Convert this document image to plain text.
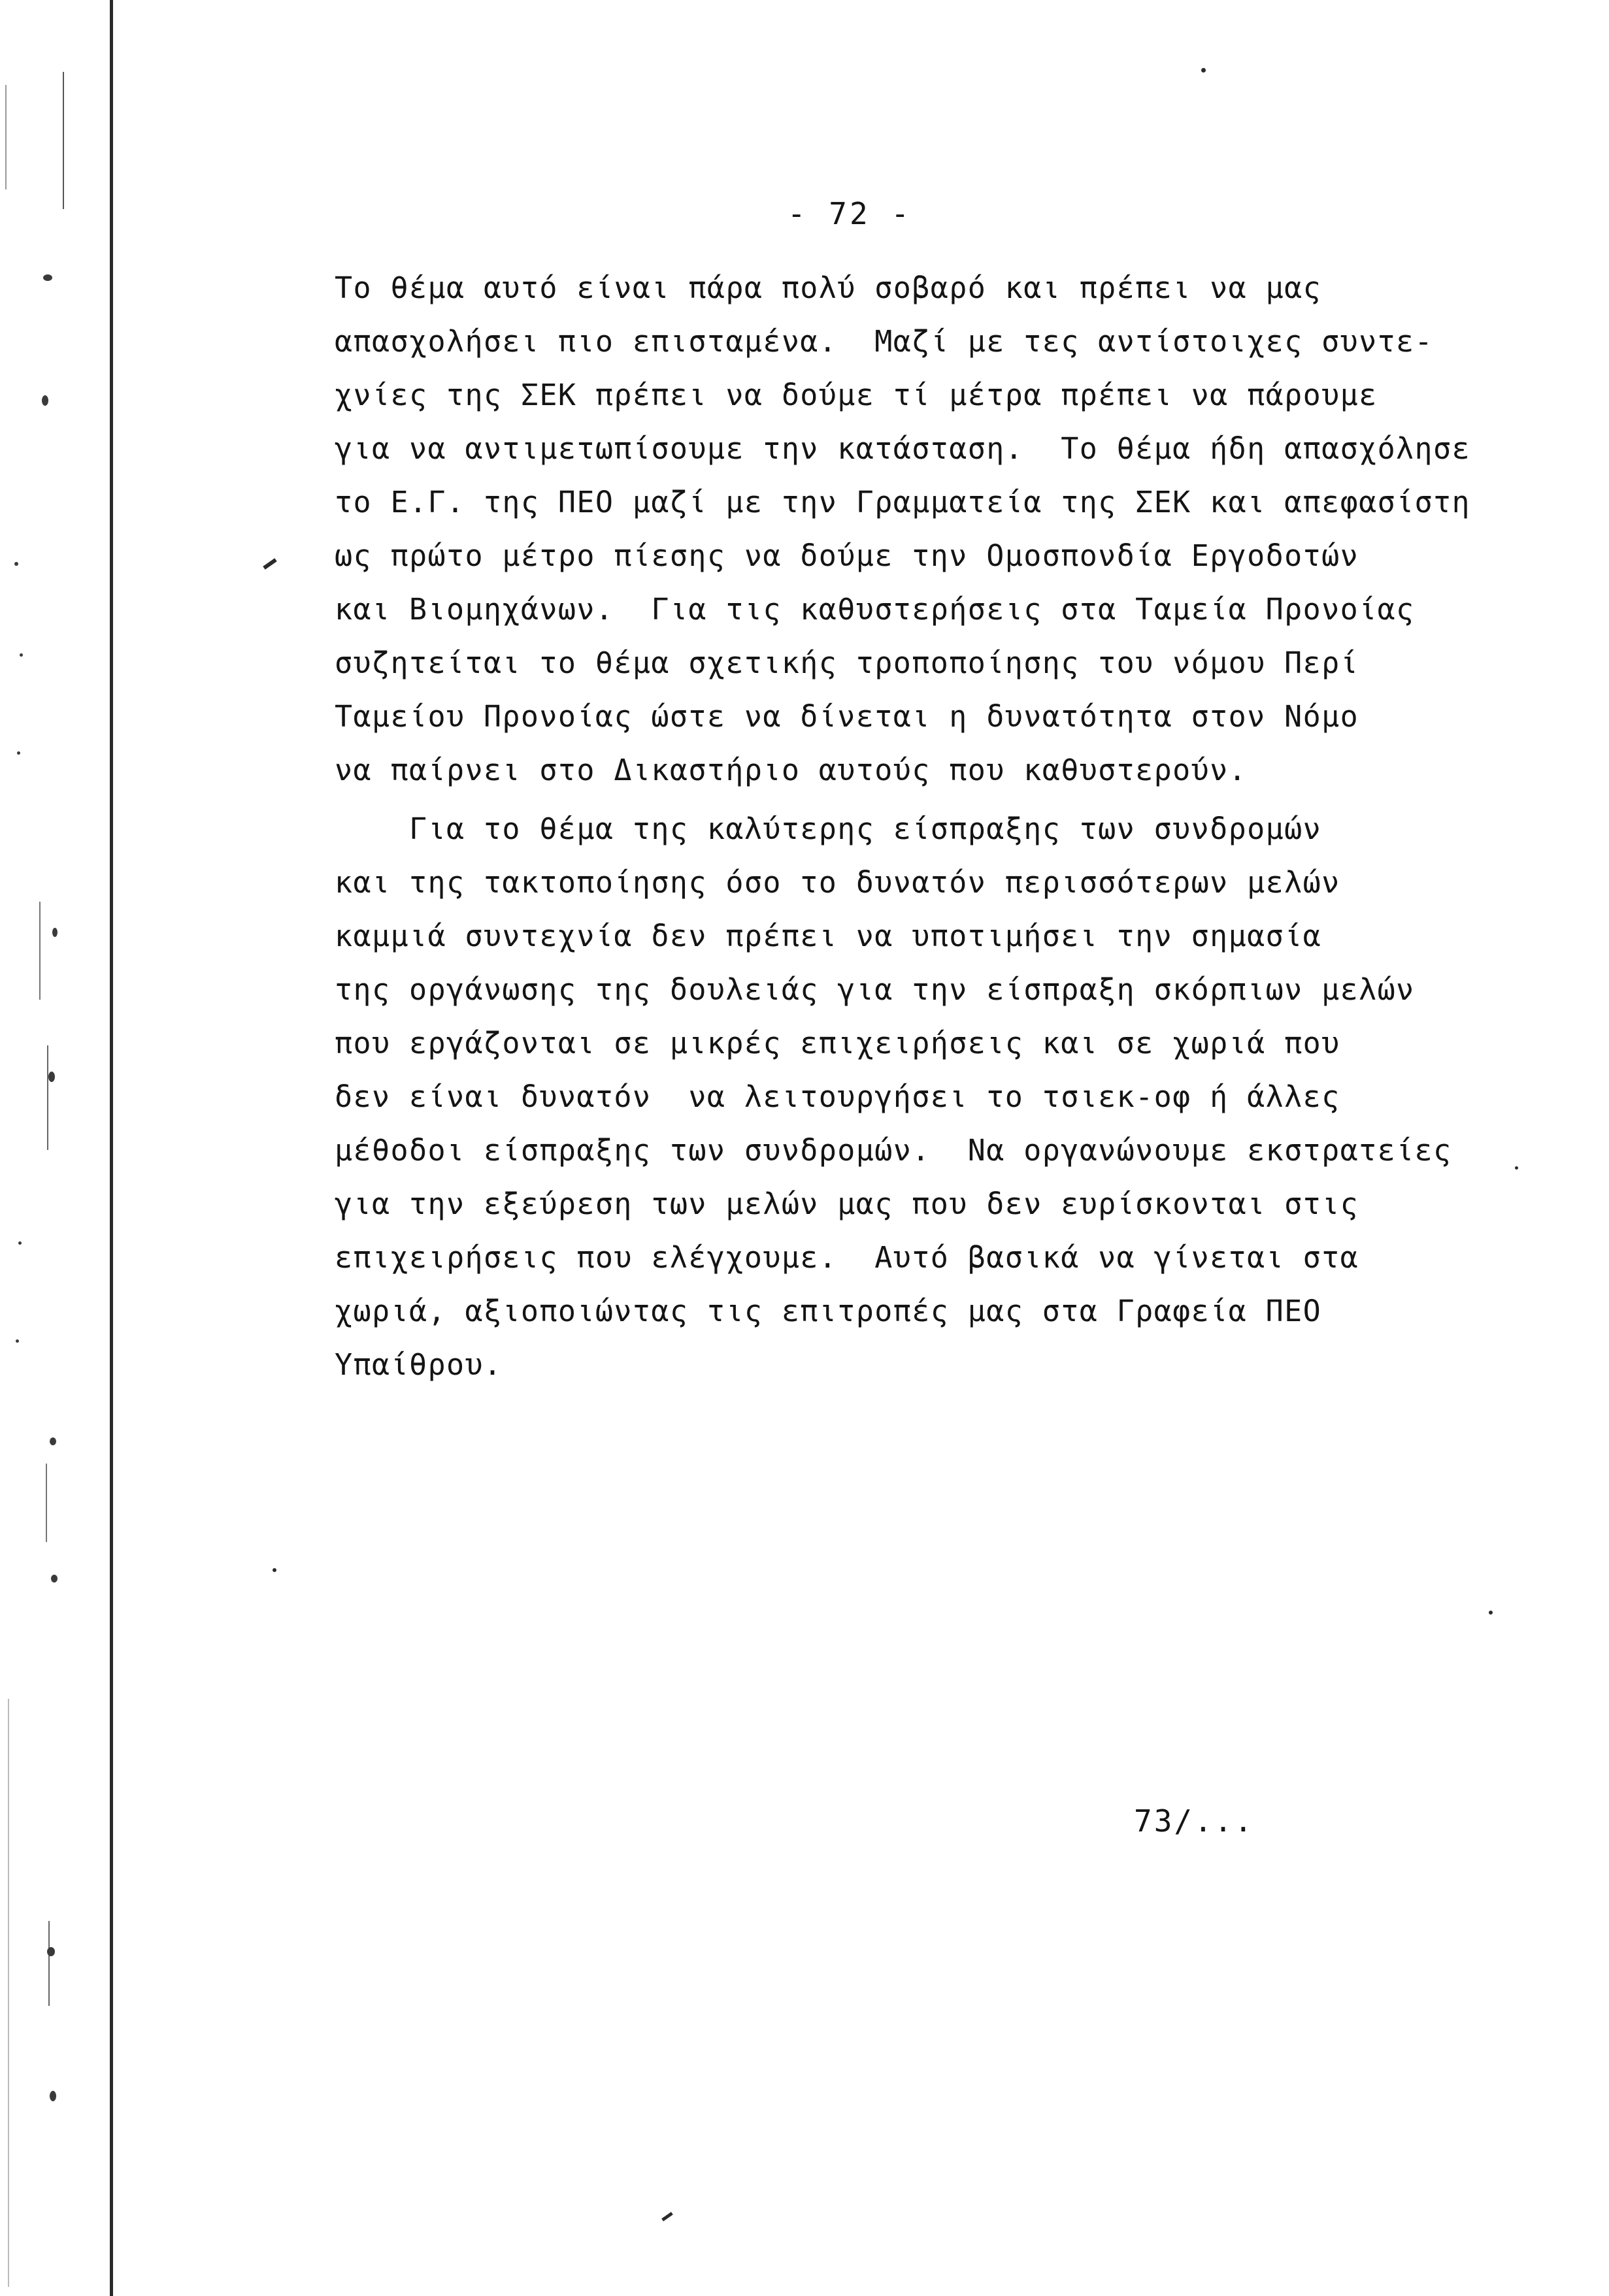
- 72 -
Το θέμα αυτό είναι πάρα πολύ σοβαρό και πρέπει να μας
απασχολήσει πιο επισταμένα.  Μαζί με τες αντίστοιχες συντε-
χνίες της ΣΕΚ πρέπει να δούμε τί μέτρα πρέπει να πάρουμε
για να αντιμετωπίσουμε την κατάσταση.  Το θέμα ήδη απασχόλησε
το Ε.Γ. της ΠΕΟ μαζί με την Γραμματεία της ΣΕΚ και απεφασίστη
ως πρώτο μέτρο πίεσης να δούμε την Ομοσπονδία Εργοδοτών
και Βιομηχάνων.  Για τις καθυστερήσεις στα Ταμεία Προνοίας
συζητείται το θέμα σχετικής τροποποίησης του νόμου Περί
Ταμείου Προνοίας ώστε να δίνεται η δυνατότητα στον Νόμο
να παίρνει στο Δικαστήριο αυτούς που καθυστερούν.
Για το θέμα της καλύτερης είσπραξης των συνδρομών
και της τακτοποίησης όσο το δυνατόν περισσότερων μελών
καμμιά συντεχνία δεν πρέπει να υποτιμήσει την σημασία
της οργάνωσης της δουλειάς για την είσπραξη σκόρπιων μελών
που εργάζονται σε μικρές επιχειρήσεις και σε χωριά που
δεν είναι δυνατόν  να λειτουργήσει το τσιεκ-οφ ή άλλες
μέθοδοι είσπραξης των συνδρομών.  Να οργανώνουμε εκστρατείες
για την εξεύρεση των μελών μας που δεν ευρίσκονται στις
επιχειρήσεις που ελέγχουμε.  Αυτό βασικά να γίνεται στα
χωριά, αξιοποιώντας τις επιτροπές μας στα Γραφεία ΠΕΟ
Υπαίθρου.
73/...
